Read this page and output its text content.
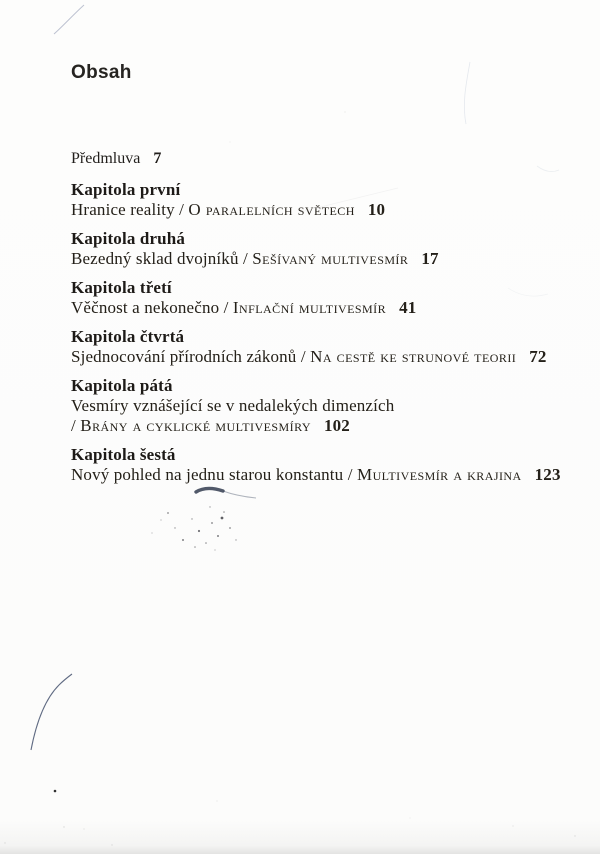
Obsah
Předmluva 7
Kapitola první
Hranice reality / O paralelních světech 10
Kapitola druhá
Bezedný sklad dvojníků / Sešívaný multivesmír 17
Kapitola třetí
Věčnost a nekonečno / Inflační multivesmír 41
Kapitola čtvrtá
Sjednocování přírodních zákonů / Na cestě ke strunové teorii 72
Kapitola pátá
Vesmíry vznášející se v nedalekých dimenzích
/ Brány a cyklické multivesmíry 102
Kapitola šestá
Nový pohled na jednu starou konstantu / Multivesmír a krajina 123
